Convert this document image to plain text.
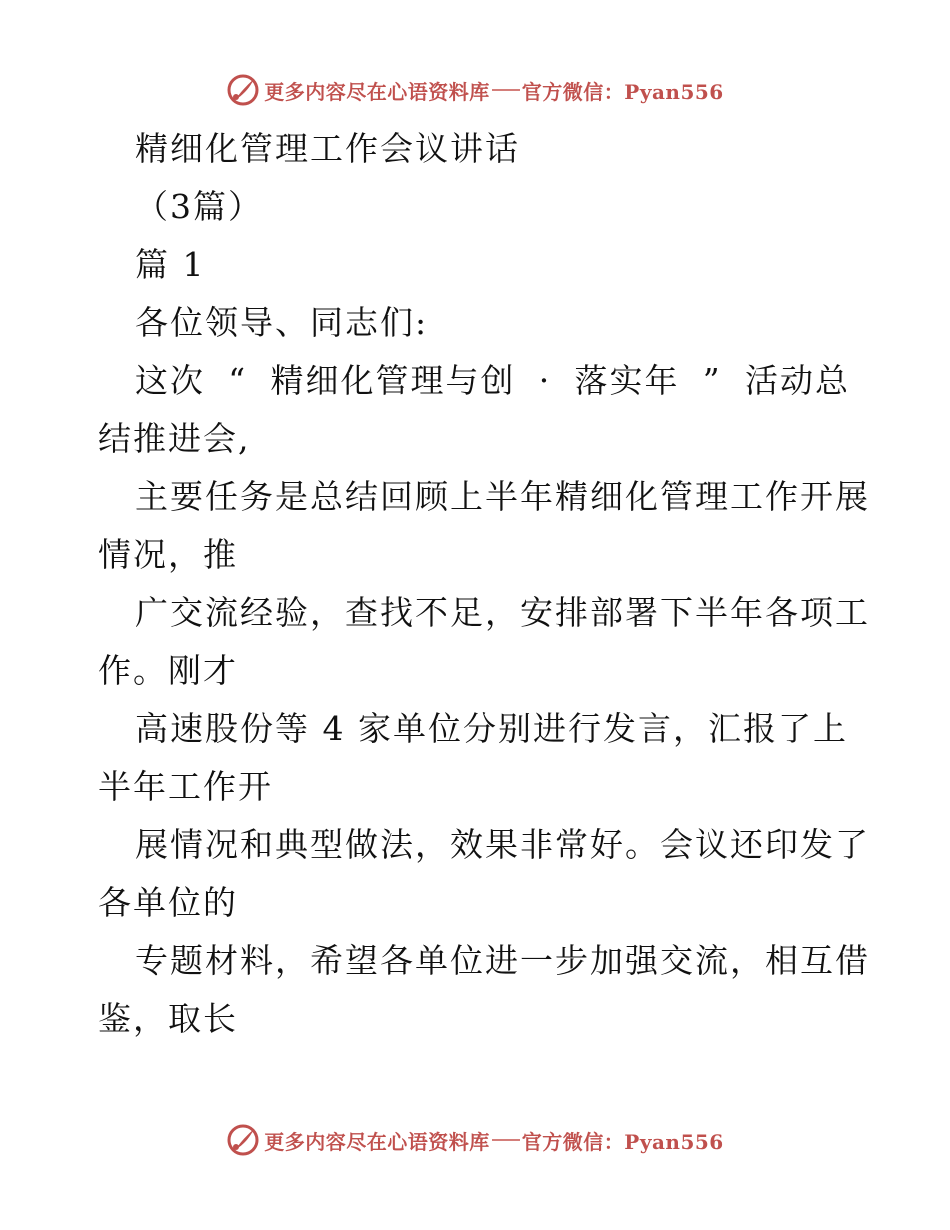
更多内容尽在心语资料库 官方微信：Pyan556
精细化管理工作会议讲话
（3篇）
篇 1
各位领导、同志们:
这次 “ 精细化管理与创 · 落实年 ” 活动总
结推进会,
主要任务是总结回顾上半年精细化管理工作开展
情况，推
广交流经验，查找不足，安排部署下半年各项工
作。刚才
高速股份等 4 家单位分别进行发言，汇报了上
半年工作开
展情况和典型做法，效果非常好。会议还印发了
各单位的
专题材料，希望各单位进一步加强交流，相互借
鉴，取长
更多内容尽在心语资料库 官方微信：Pyan556
